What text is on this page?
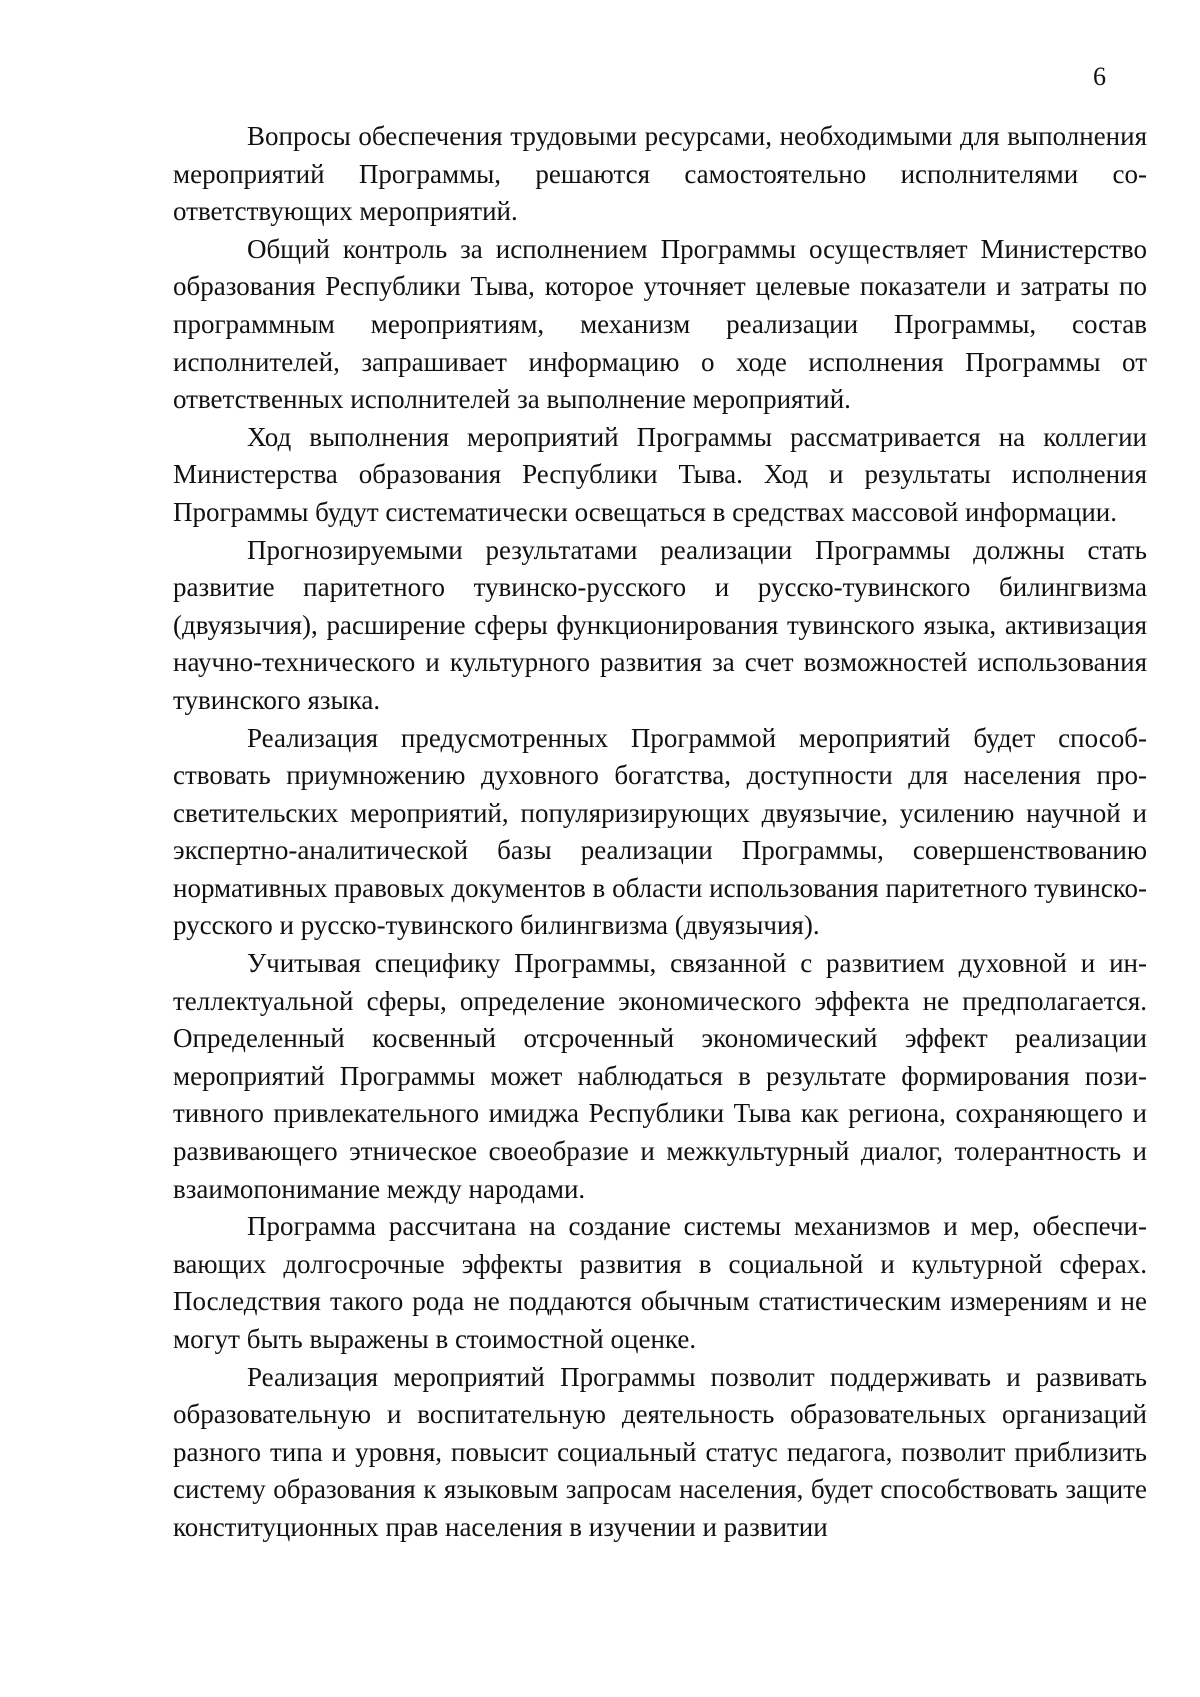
6

Вопросы обеспечения трудовыми ресурсами, необходимыми для выполнения мероприятий Программы, решаются самостоятельно исполнителями соответствующих мероприятий.

Общий контроль за исполнением Программы осуществляет Министерство образования Республики Тыва, которое уточняет целевые показатели и затраты по программным мероприятиям, механизм реализации Программы, состав исполнителей, запрашивает информацию о ходе исполнения Программы от ответственных исполнителей за выполнение мероприятий.

Ход выполнения мероприятий Программы рассматривается на коллегии Министерства образования Республики Тыва. Ход и результаты исполнения Программы будут систематически освещаться в средствах массовой информации.

Прогнозируемыми результатами реализации Программы должны стать развитие паритетного тувинско-русского и русско-тувинского билингвизма (двуязычия), расширение сферы функционирования тувинского языка, активизация научно-технического и культурного развития за счет возможностей использования тувинского языка.

Реализация предусмотренных Программой мероприятий будет способствовать приумножению духовного богатства, доступности для населения просветительских мероприятий, популяризирующих двуязычие, усилению научной и экспертно-аналитической базы реализации Программы, совершенствованию нормативных правовых документов в области использования паритетного тувинско-русского и русско-тувинского билингвизма (двуязычия).

Учитывая специфику Программы, связанной с развитием духовной и интеллектуальной сферы, определение экономического эффекта не предполагается. Определенный косвенный отсроченный экономический эффект реализации мероприятий Программы может наблюдаться в результате формирования позитивного привлекательного имиджа Республики Тыва как региона, сохраняющего и развивающего этническое своеобразие и межкультурный диалог, толерантность и взаимопонимание между народами.

Программа рассчитана на создание системы механизмов и мер, обеспечивающих долгосрочные эффекты развития в социальной и культурной сферах. Последствия такого рода не поддаются обычным статистическим измерениям и не могут быть выражены в стоимостной оценке.

Реализация мероприятий Программы позволит поддерживать и развивать образовательную и воспитательную деятельность образовательных организаций разного типа и уровня, повысит социальный статус педагога, позволит приблизить систему образования к языковым запросам населения, будет способствовать защите конституционных прав населения в изучении и развитии
